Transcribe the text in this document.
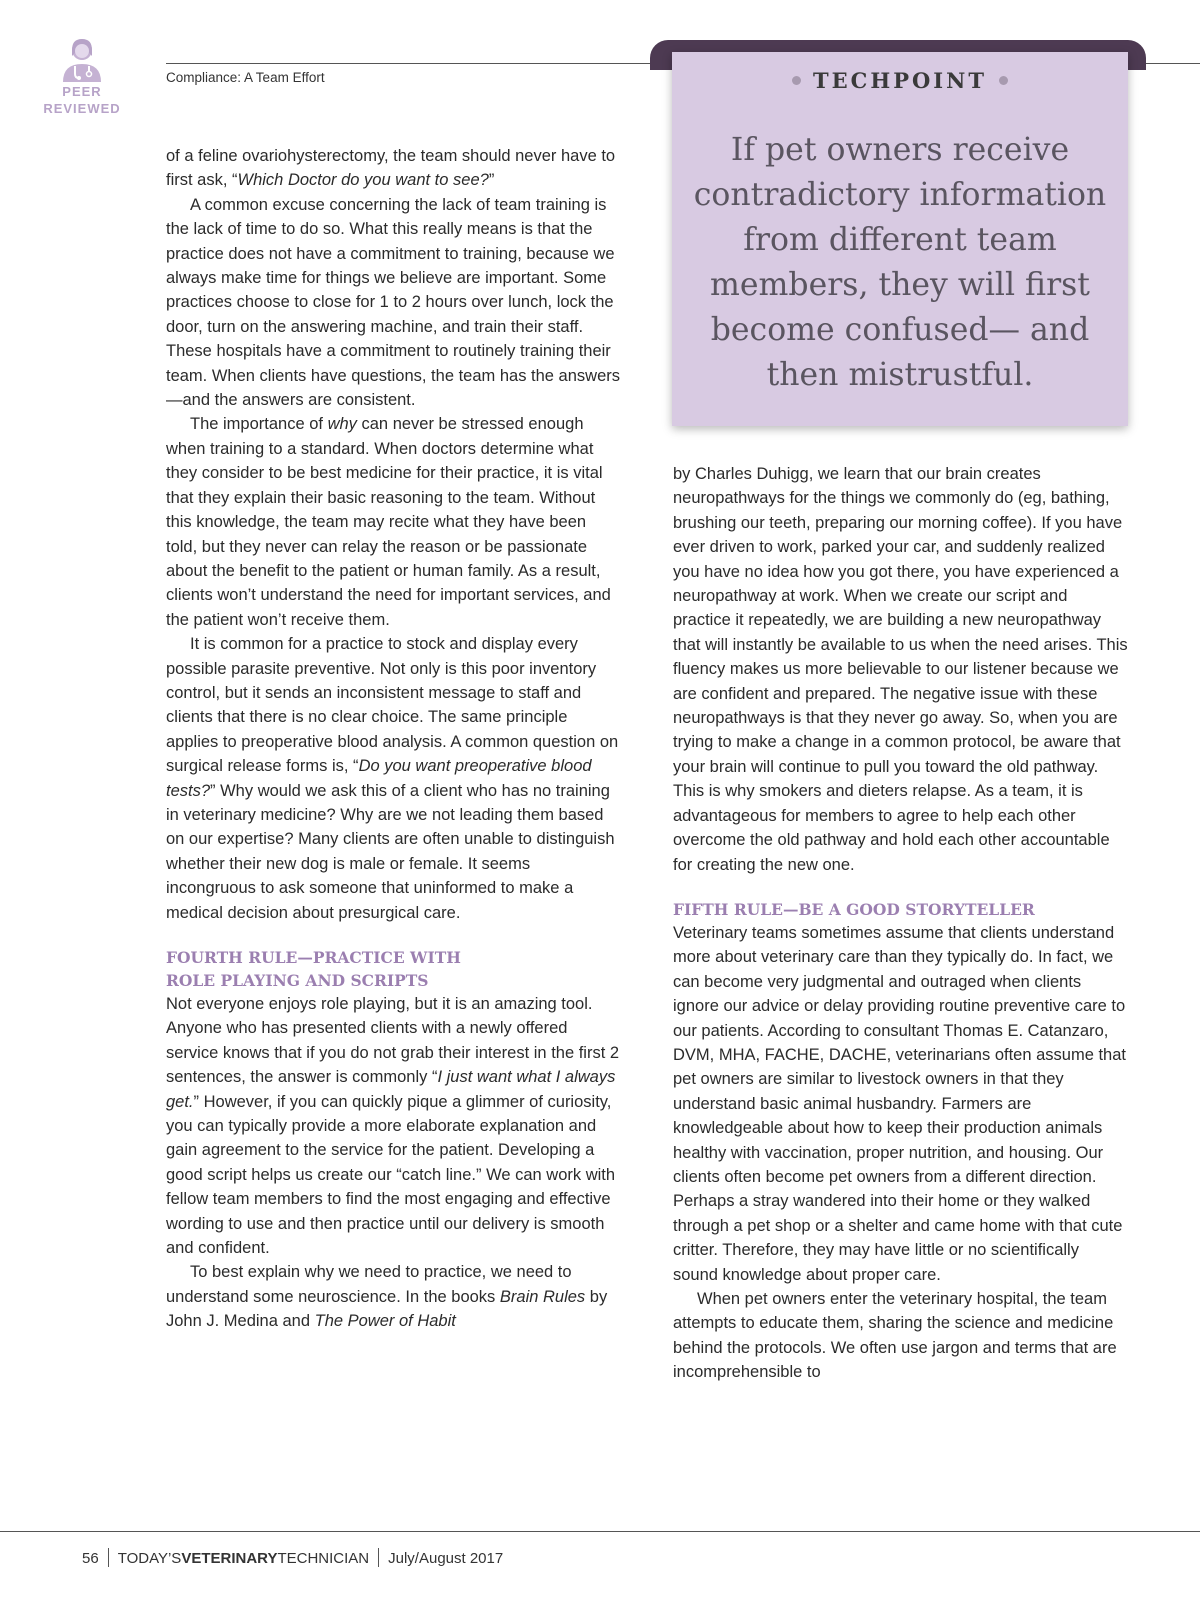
PEER
REVIEWED
Compliance: A Team Effort	TECHPOINT
If pet owners receive contradictory information from different team members, they will first become confused— and then mistrustful.

of a feline ovariohysterectomy, the team should never have to first ask, “Which Doctor do you want to see?”

A common excuse concerning the lack of team training is the lack of time to do so. What this really means is that the practice does not have a commitment to training, because we always make time for things we believe are important. Some practices choose to close for 1 to 2 hours over lunch, lock the door, turn on the answering machine, and train their staff. These hospitals have a commitment to routinely training their team. When clients have questions, the team has the answers—and the answers are consistent.

The importance of why can never be stressed enough when training to a standard. When doctors determine what they consider to be best medicine for their practice, it is vital that they explain their basic reasoning to the team. Without this knowledge, the team may recite what they have been told, but they never can relay the reason or be passionate about the benefit to the patient or human family. As a result, clients won’t understand the need for important services, and the patient won’t receive them.

It is common for a practice to stock and display every possible parasite preventive. Not only is this poor inventory control, but it sends an inconsistent message to staff and clients that there is no clear choice. The same principle applies to preoperative blood analysis. A common question on surgical release forms is, “Do you want preoperative blood tests?” Why would we ask this of a client who has no training in veterinary medicine? Why are we not leading them based on our expertise? Many clients are often unable to distinguish whether their new dog is male or female. It seems incongruous to ask someone that uninformed to make a medical decision about presurgical care.

FOURTH RULE—PRACTICE WITH
ROLE PLAYING AND SCRIPTS

Not everyone enjoys role playing, but it is an amazing tool. Anyone who has presented clients with a newly offered service knows that if you do not grab their interest in the first 2 sentences, the answer is commonly “I just want what I always get.” However, if you can quickly pique a glimmer of curiosity, you can typically provide a more elaborate explanation and gain agreement to the service for the patient. Developing a good script helps us create our “catch line.” We can work with fellow team members to find the most engaging and effective wording to use and then practice until our delivery is smooth and confident.

To best explain why we need to practice, we need to understand some neuroscience. In the books Brain Rules by John J. Medina and The Power of Habit

by Charles Duhigg, we learn that our brain creates neuropathways for the things we commonly do (eg, bathing, brushing our teeth, preparing our morning coffee). If you have ever driven to work, parked your car, and suddenly realized you have no idea how you got there, you have experienced a neuropathway at work. When we create our script and practice it repeatedly, we are building a new neuropathway that will instantly be available to us when the need arises. This fluency makes us more believable to our listener because we are confident and prepared. The negative issue with these neuropathways is that they never go away. So, when you are trying to make a change in a common protocol, be aware that your brain will continue to pull you toward the old pathway. This is why smokers and dieters relapse. As a team, it is advantageous for members to agree to help each other overcome the old pathway and hold each other accountable for creating the new one.

FIFTH RULE—BE A GOOD STORYTELLER

Veterinary teams sometimes assume that clients understand more about veterinary care than they typically do. In fact, we can become very judgmental and outraged when clients ignore our advice or delay providing routine preventive care to our patients. According to consultant Thomas E. Catanzaro, DVM, MHA, FACHE, DACHE, veterinarians often assume that pet owners are similar to livestock owners in that they understand basic animal husbandry. Farmers are knowledgeable about how to keep their production animals healthy with vaccination, proper nutrition, and housing. Our clients often become pet owners from a different direction. Perhaps a stray wandered into their home or they walked through a pet shop or a shelter and came home with that cute critter. Therefore, they may have little or no scientifically sound knowledge about proper care.

When pet owners enter the veterinary hospital, the team attempts to educate them, sharing the science and medicine behind the protocols. We often use jargon and terms that are incomprehensible to

56 TODAY’SVETERINARYTECHNICIAN July/August 2017
